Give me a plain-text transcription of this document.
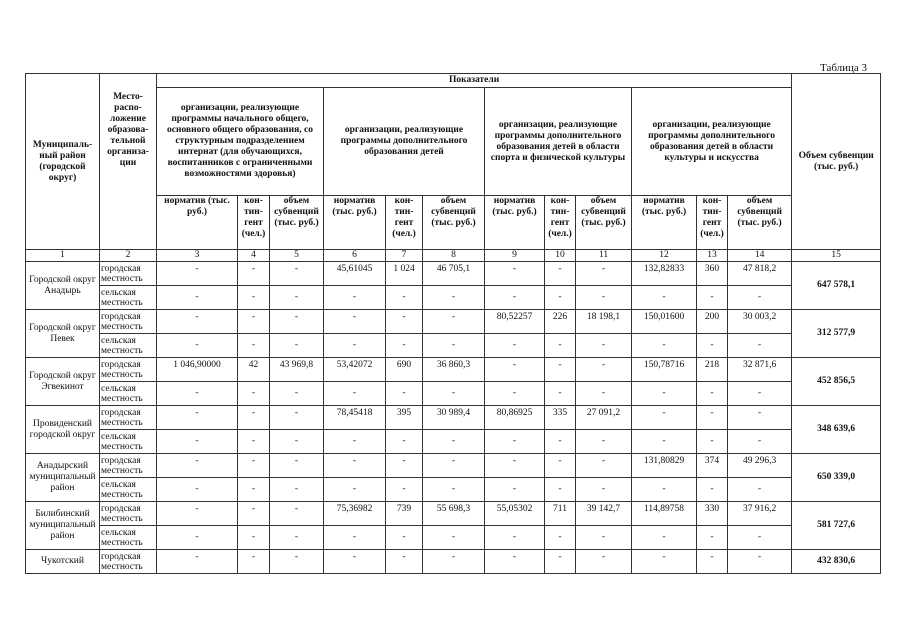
Таблица 3
Муниципальный район (городской округ)	Месторасположение образовательной организации	Показатели												Объем субвенции (тыс. руб.)
		организации, реализующие программы начального общего, основного общего образования, со структурным подразделением интернат (для обучающихся, воспитанников с ограниченными возможностями здоровья)			организации, реализующие программы дополнительного образования детей			организации, реализующие программы дополнительного образования детей в области спорта и физической культуры			организации, реализующие программы дополнительного образования детей в области культуры и искусства			
		норматив (тыс. руб.)	контингент (чел.)	объем субвенций (тыс. руб.)	норматив (тыс. руб.)	контингент (чел.)	объем субвенций (тыс. руб.)	норматив (тыс. руб.)	контингент (чел.)	объем субвенций (тыс. руб.)	норматив (тыс. руб.)	контингент (чел.)	объем субвенций (тыс. руб.)	
1	2	3	4	5	6	7	8	9	10	11	12	13	14	15
Городской округ Анадырь	городская местность	-	-	-	45,61045	1 024	46 705,1	-	-	-	132,82833	360	47 818,2	647 578,1
	сельская местность	-	-	-	-	-	-	-	-	-	-	-	-	
Городской округ Певек	городская местность	-	-	-	-	-	-	80,52257	226	18 198,1	150,01600	200	30 003,2	312 577,9
	сельская местность	-	-	-	-	-	-	-	-	-	-	-	-	
Городской округ Эгвекинот	городская местность	1 046,90000	42	43 969,8	53,42072	690	36 860,3	-	-	-	150,78716	218	32 871,6	452 856,5
	сельская местность	-	-	-	-	-	-	-	-	-	-	-	-	
Провиденский городской округ	городская местность	-	-	-	78,45418	395	30 989,4	80,86925	335	27 091,2	-	-	-	348 639,6
	сельская местность	-	-	-	-	-	-	-	-	-	-	-	-	
Анадырский муниципальный район	городская местность	-	-	-	-	-	-	-	-	-	131,80829	374	49 296,3	650 339,0
	сельская местность	-	-	-	-	-	-	-	-	-	-	-	-	
Билибинский муниципальный район	городская местность	-	-	-	75,36982	739	55 698,3	55,05302	711	39 142,7	114,89758	330	37 916,2	581 727,6
	сельская местность	-	-	-	-	-	-	-	-	-	-	-	-	
Чукотский	городская местность	-	-	-	-	-	-	-	-	-	-	-	-	432 830,6
